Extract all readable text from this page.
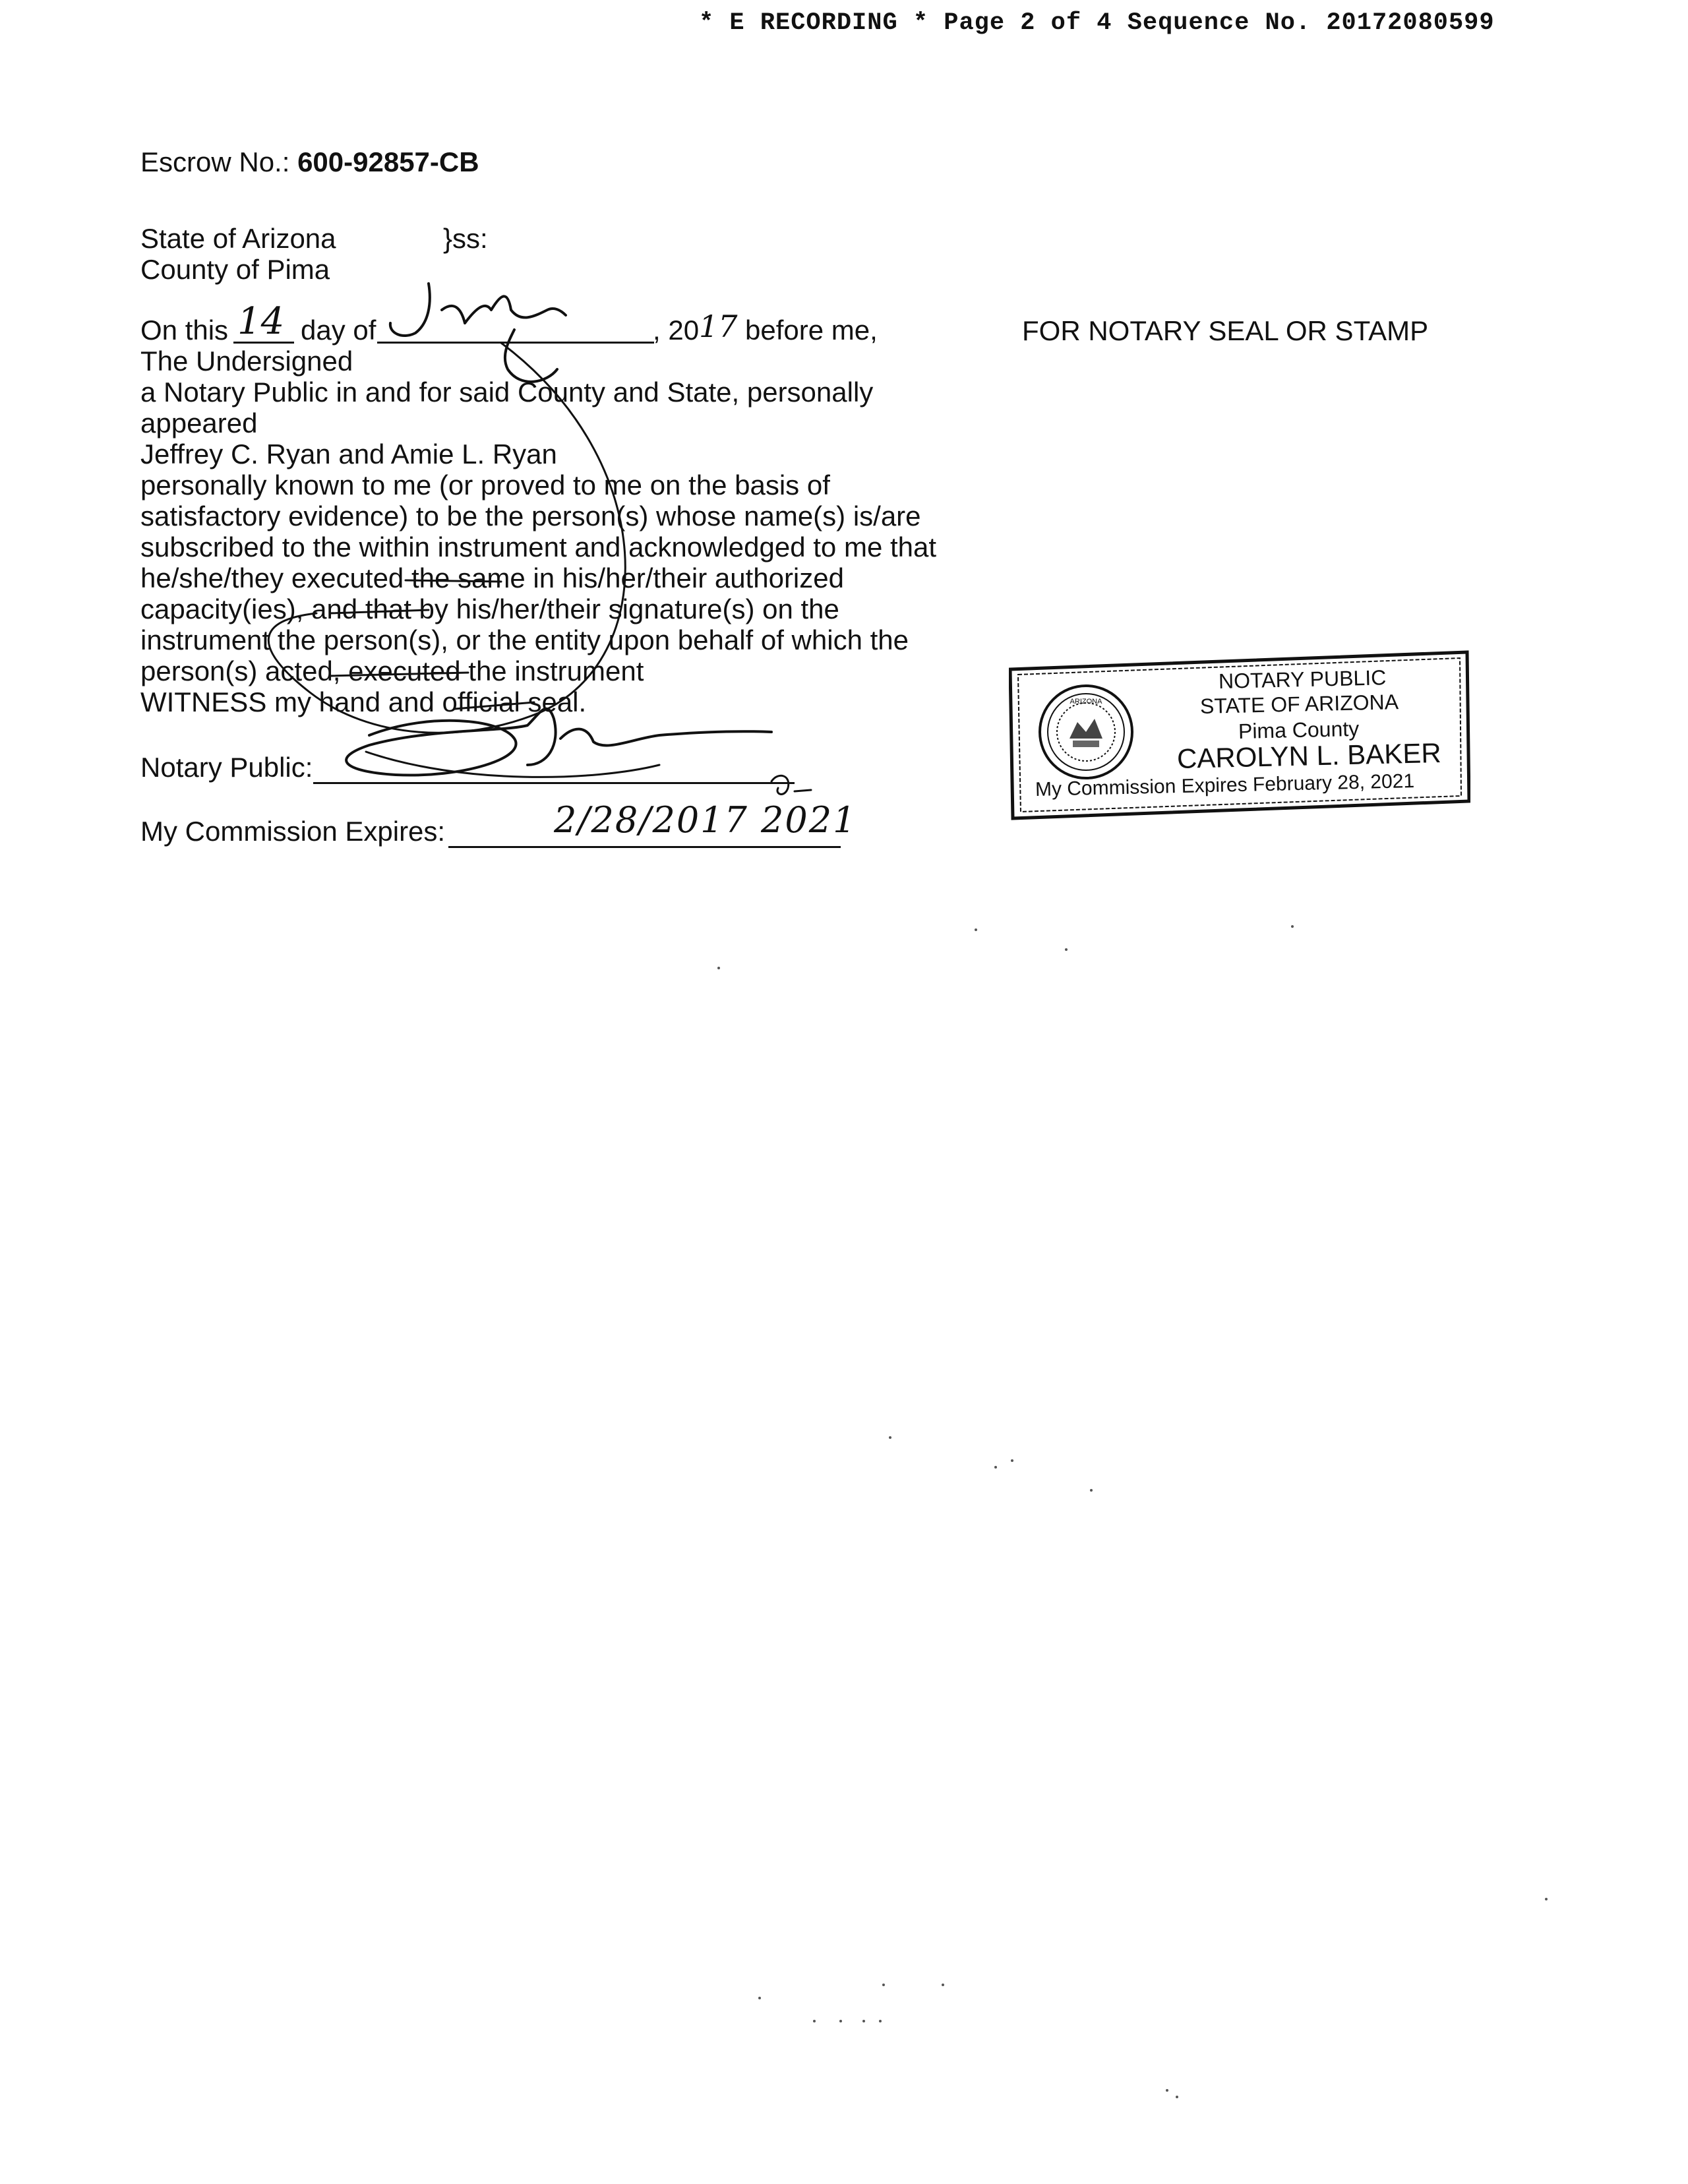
* E RECORDING * Page 2 of 4 Sequence No. 20172080599
Escrow No.: 600-92857-CB
State of Arizona	}ss:
County of Pima
On this 14 day of	, 20 17 before me,
The Undersigned
a Notary Public in and for said County and State, personally
appeared
Jeffrey C. Ryan and Amie L. Ryan
personally known to me (or proved to me on the basis of
satisfactory evidence) to be the person(s) whose name(s) is/are
subscribed to the within instrument and acknowledged to me that
he/she/they executed the same in his/her/their authorized
capacity(ies), and that by his/her/their signature(s) on the
instrument the person(s), or the entity upon behalf of which the
person(s) acted, executed the instrument
WITNESS my hand and official seal.
Notary Public:
My Commission Expires:	2/28/2017 2021
FOR NOTARY SEAL OR STAMP
ARIZONA
NOTARY PUBLIC
STATE OF ARIZONA
Pima County
CAROLYN L. BAKER
My Commission Expires February 28, 2021
